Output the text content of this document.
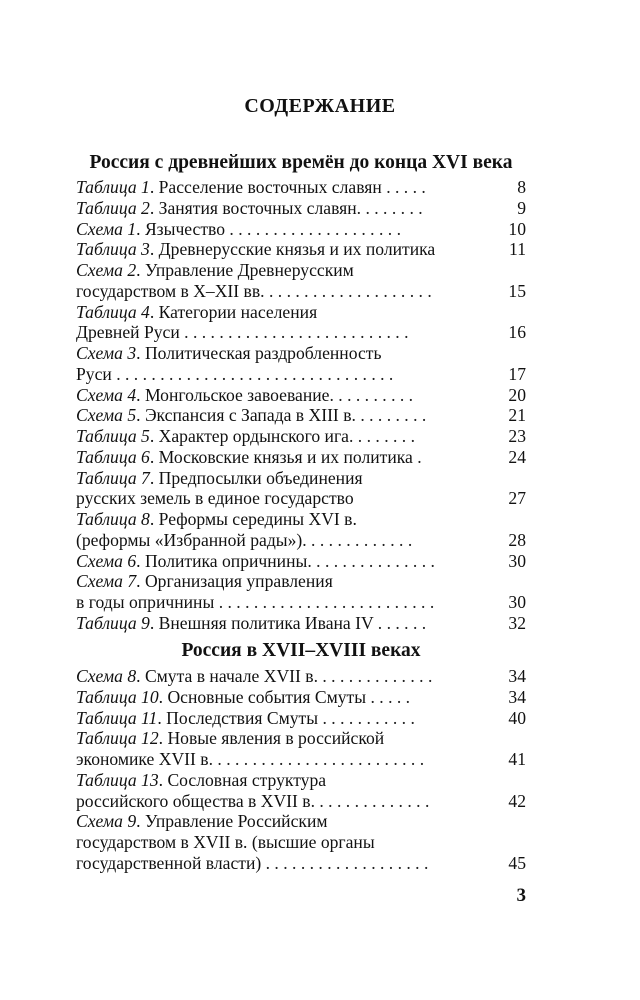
СОДЕРЖАНИЕ
Россия с древнейших времён до конца XVI века
Таблица 1. Расселение восточных славян . . . . .	8
Таблица 2. Занятия восточных славян. . . . . . . .	9
Схема 1. Язычество . . . . . . . . . . . . . . . . . . . .	10
Таблица 3. Древнерусские князья и их политика	11
Схема 2. Управление Древнерусским
государством в X–XII вв. . . . . . . . . . . . . . . . . . . .	15
Таблица 4. Категории населения
Древней Руси . . . . . . . . . . . . . . . . . . . . . . . . . .	16
Схема 3. Политическая раздробленность
Руси . . . . . . . . . . . . . . . . . . . . . . . . . . . . . . . .	17
Схема 4. Монгольское завоевание. . . . . . . . . .	20
Схема 5. Экспансия с Запада в XIII в. . . . . . . . .	21
Таблица 5. Характер ордынского ига. . . . . . . .	23
Таблица 6. Московские князья и их политика .	24
Таблица 7. Предпосылки объединения
русских земель в единое государство	27
Таблица 8. Реформы середины XVI в.
(реформы «Избранной рады»). . . . . . . . . . . . .	28
Схема 6. Политика опричнины. . . . . . . . . . . . . . .	30
Схема 7. Организация управления
в годы опричнины . . . . . . . . . . . . . . . . . . . . . . . . .	30
Таблица 9. Внешняя политика Ивана IV . . . . . .	32
Россия в XVII–XVIII веках
Схема 8. Смута в начале XVII в. . . . . . . . . . . . . .	34
Таблица 10. Основные события Смуты . . . . .	34
Таблица 11. Последствия Смуты . . . . . . . . . . .	40
Таблица 12. Новые явления в российской
экономике XVII в. . . . . . . . . . . . . . . . . . . . . . . . .	41
Таблица 13. Сословная структура
российского общества в XVII в. . . . . . . . . . . . . .	42
Схема 9. Управление Российским
государством в XVII в. (высшие органы
государственной власти) . . . . . . . . . . . . . . . . . . .	45
3
